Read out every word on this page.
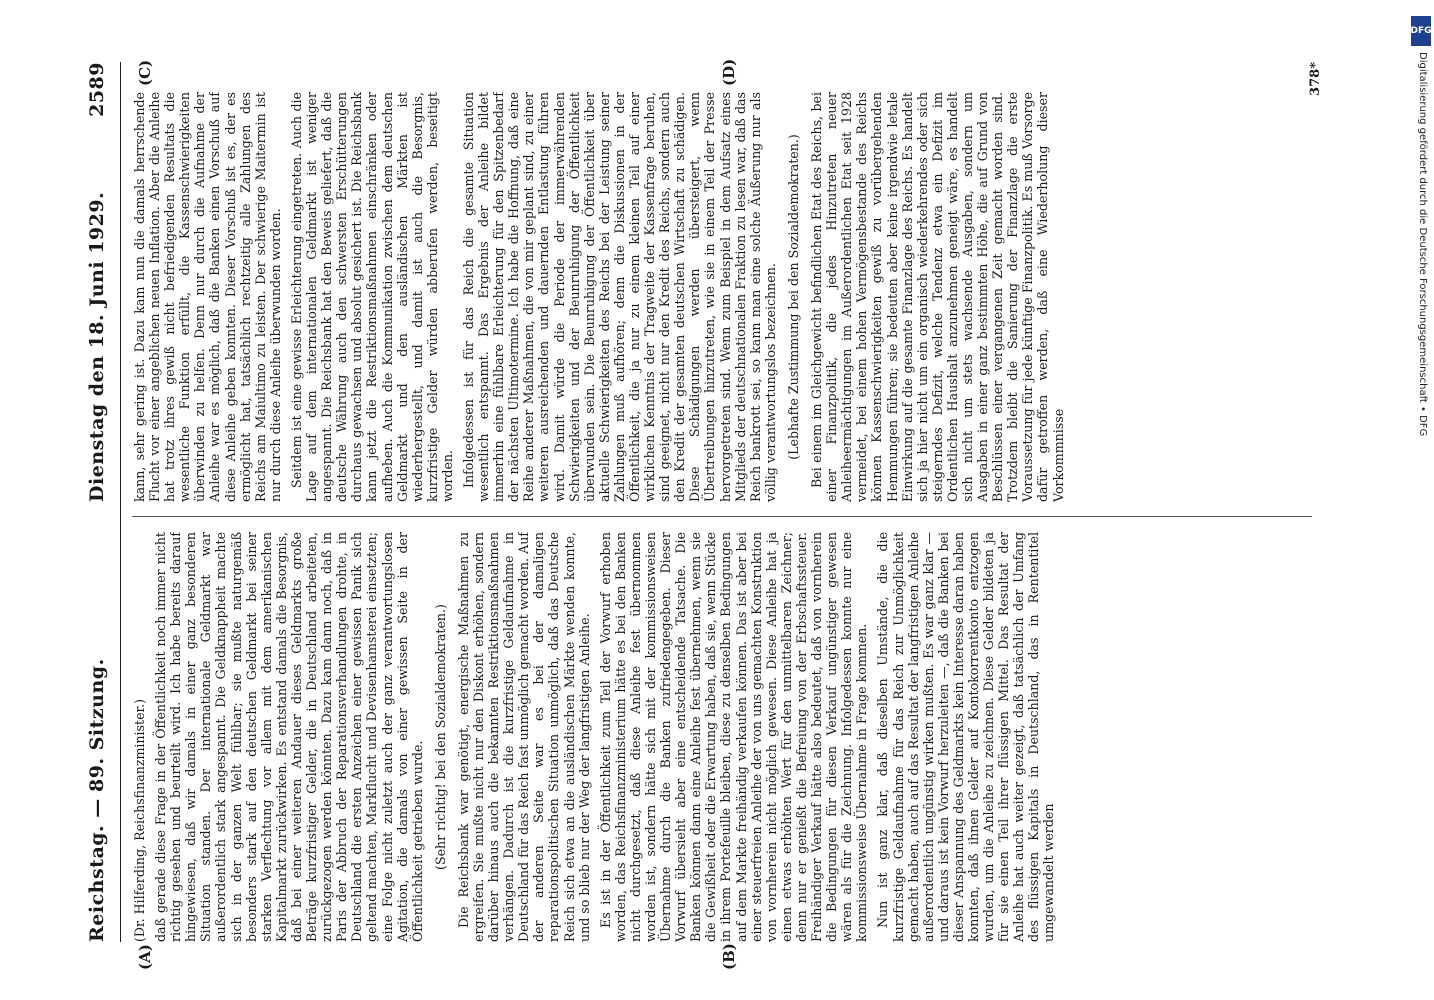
Reichstag. —
89. Sitzung.
Dienstag den 18. Juni 1929.
2589
(A)	(B)
(C)	(D)

(Dr. Hilferding, Reichsfinanzminister.) daß gerade diese Frage in der Öffentlichkeit noch immer nicht richtig gesehen und beurteilt wird. Ich habe bereits darauf hingewiesen, daß wir damals in einer ganz besonderen Situation standen. Der internationale Geldmarkt war außerordentlich stark angespannt. Die Geldknappheit machte sich in der ganzen Welt fühlbar; sie mußte naturgemäß besonders stark auf den deutschen Geldmarkt bei seiner starken Verflechtung vor allem mit dem amerikanischen Kapitalmarkt zurückwirken. Es entstand damals die Besorgnis, daß bei einer weiteren Andauer dieses Geldmarkts große Beträge kurzfristiger Gelder, die in Deutschland arbeiteten, zurückgezogen werden könnten. Dazu kam dann noch, daß in Paris der Abbruch der Reparationsverhandlungen drohte, in Deutschland die ersten Anzeichen einer gewissen Panik sich geltend machten, Markflucht und Devisenhamsterei einsetzten; eine Folge nicht zuletzt auch der ganz verantwortungslosen Agitation, die damals von einer gewissen Seite in der Öffentlichkeit getrieben wurde. (Sehr richtig! bei den Sozialdemokraten.) Die Reichsbank war genötigt, energische Maßnahmen zu ergreifen. Sie mußte nicht nur den Diskont erhöhen, sondern darüber hinaus auch die bekannten Restriktionsmaßnahmen verhängen. Dadurch ist die kurzfristige Geldaufnahme in Deutschland für das Reich fast unmöglich gemacht worden. Auf der anderen Seite war es bei der damaligen reparationspolitischen Situation unmöglich, daß das Deutsche Reich sich etwa an die ausländischen Märkte wenden konnte, und so blieb nur der Weg der langfristigen Anleihe. Es ist in der Öffentlichkeit zum Teil der Vorwurf erhoben worden, das Reichsfinanzministerium hätte es bei den Banken nicht durchgesetzt, daß diese Anleihe fest übernommen worden ist, sondern hätte sich mit der kommissionsweisen Übernahme durch die Banken zufriedengegeben. Dieser Vorwurf übersieht aber eine entscheidende Tatsache. Die Banken können dann eine Anleihe fest übernehmen, wenn sie die Gewißheit oder die Erwartung haben, daß sie, wenn Stücke in ihrem Portefeuille bleiben, diese zu denselben Bedingungen auf dem Markte freihändig verkaufen können. Das ist aber bei einer steuerfreien Anleihe der von uns gemachten Konstruktion von vornherein nicht möglich gewesen. Diese Anleihe hat ja einen etwas erhöhten Wert für den unmittelbaren Zeichner; denn nur er genießt die Befreiung von der Erbschaftssteuer. Freihändiger Verkauf hätte also bedeutet, daß von vornherein die Bedingungen für diesen Verkauf ungünstiger gewesen wären als für die Zeichnung. Infolgedessen konnte nur eine kommissionsweise Übernahme in Frage kommen. Nun ist ganz klar, daß dieselben Umstände, die die kurzfristige Geldaufnahme für das Reich zur Unmöglichkeit gemacht haben, auch auf das Resultat der langfristigen Anleihe außerordentlich ungünstig wirken mußten. Es war ganz klar — und daraus ist kein Vorwurf herzuleiten —, daß die Banken bei dieser Anspannung des Geldmarkts kein Interesse daran haben konnten, daß ihnen Gelder auf Kontokorrentkonto entzogen wurden, um die Anleihe zu zeichnen. Diese Gelder bildeten ja für sie einen Teil ihrer flüssigen Mittel. Das Resultat der Anleihe hat auch weiter gezeigt, daß tatsächlich der Umfang des flüssigen Kapitals in Deutschland, das in Rententitel umgewandelt werden

kann, sehr gering ist. Dazu kam nun die damals herrschende Flucht vor einer angeblichen neuen Inflation. Aber die Anleihe hat trotz ihres gewiß nicht befriedigenden Resultats die wesentliche Funktion erfüllt, die Kassenschwierigkeiten überwinden zu helfen. Denn nur durch die Aufnahme der Anleihe war es möglich, daß die Banken einen Vorschuß auf diese Anleihe geben konnten. Dieser Vorschuß ist es, der es ermöglicht hat, tatsächlich rechtzeitig alle Zahlungen des Reichs am Maiultimo zu leisten. Der schwierige Maitermin ist nur durch diese Anleihe überwunden worden. Seitdem ist eine gewisse Erleichterung eingetreten. Auch die Lage auf dem internationalen Geldmarkt ist weniger angespannt. Die Reichsbank hat den Beweis geliefert, daß die deutsche Währung auch den schwersten Erschütterungen durchaus gewachsen und absolut gesichert ist. Die Reichsbank kann jetzt die Restriktionsmaßnahmen einschränken oder aufheben. Auch die Kommunikation zwischen dem deutschen Geldmarkt und den ausländischen Märkten ist wiederhergestellt, und damit ist auch die Besorgnis, kurzfristige Gelder würden abberufen werden, beseitigt worden. Infolgedessen ist für das Reich die gesamte Situation wesentlich entspannt. Das Ergebnis der Anleihe bildet immerhin eine fühlbare Erleichterung für den Spitzenbedarf der nächsten Ultimotermine. Ich habe die Hoffnung, daß eine Reihe anderer Maßnahmen, die von mir geplant sind, zu einer weiteren ausreichenden und dauernden Entlastung führen wird. Damit würde die Periode der immerwährenden Schwierigkeiten und der Beunruhigung der Öffentlichkeit überwunden sein. Die Beunruhigung der Öffentlichkeit über aktuelle Schwierigkeiten des Reichs bei der Leistung seiner Zahlungen muß aufhören; denn die Diskussionen in der Öffentlichkeit, die ja nur zu einem kleinen Teil auf einer wirklichen Kenntnis der Tragweite der Kassenfrage beruhen, sind geeignet, nicht nur den Kredit des Reichs, sondern auch den Kredit der gesamten deutschen Wirtschaft zu schädigen. Diese Schädigungen werden übersteigert, wenn Übertreibungen hinzutreten, wie sie in einem Teil der Presse hervorgetreten sind. Wenn zum Beispiel in dem Aufsatz eines Mitglieds der deutschnationalen Fraktion zu lesen war, daß das Reich bankrott sei, so kann man eine solche Äußerung nur als völlig verantwortungslos bezeichnen. (Lebhafte Zustimmung bei den Sozialdemokraten.) Bei einem im Gleichgewicht befindlichen Etat des Reichs, bei einer Finanzpolitik, die jedes Hinzutreten neuer Anleiheermächtigungen im Außerordentlichen Etat seit 1928 vermeidet, bei einem hohen Vermögensbestande des Reichs können Kassenschwierigkeiten gewiß zu vorübergehenden Hemmungen führen; sie bedeuten aber keine irgendwie letale Einwirkung auf die gesamte Finanzlage des Reichs. Es handelt sich ja hier nicht um ein organisch wiederkehrendes oder sich steigerndes Defizit, welche Tendenz etwa ein Defizit im Ordentlichen Haushalt anzunehmen geneigt wäre, es handelt sich nicht um stets wachsende Ausgaben, sondern um Ausgaben in einer ganz bestimmten Höhe, die auf Grund von Beschlüssen einer vergangenen Zeit gemacht worden sind. Trotzdem bleibt die Sanierung der Finanzlage die erste Voraussetzung für jede künftige Finanzpolitik. Es muß Vorsorge dafür getroffen werden, daß eine Wiederholung dieser Vorkommnisse

378*
DFG
Digitalisierung gefördert durch die Deutsche Forschungsgemeinschaft • DFG
